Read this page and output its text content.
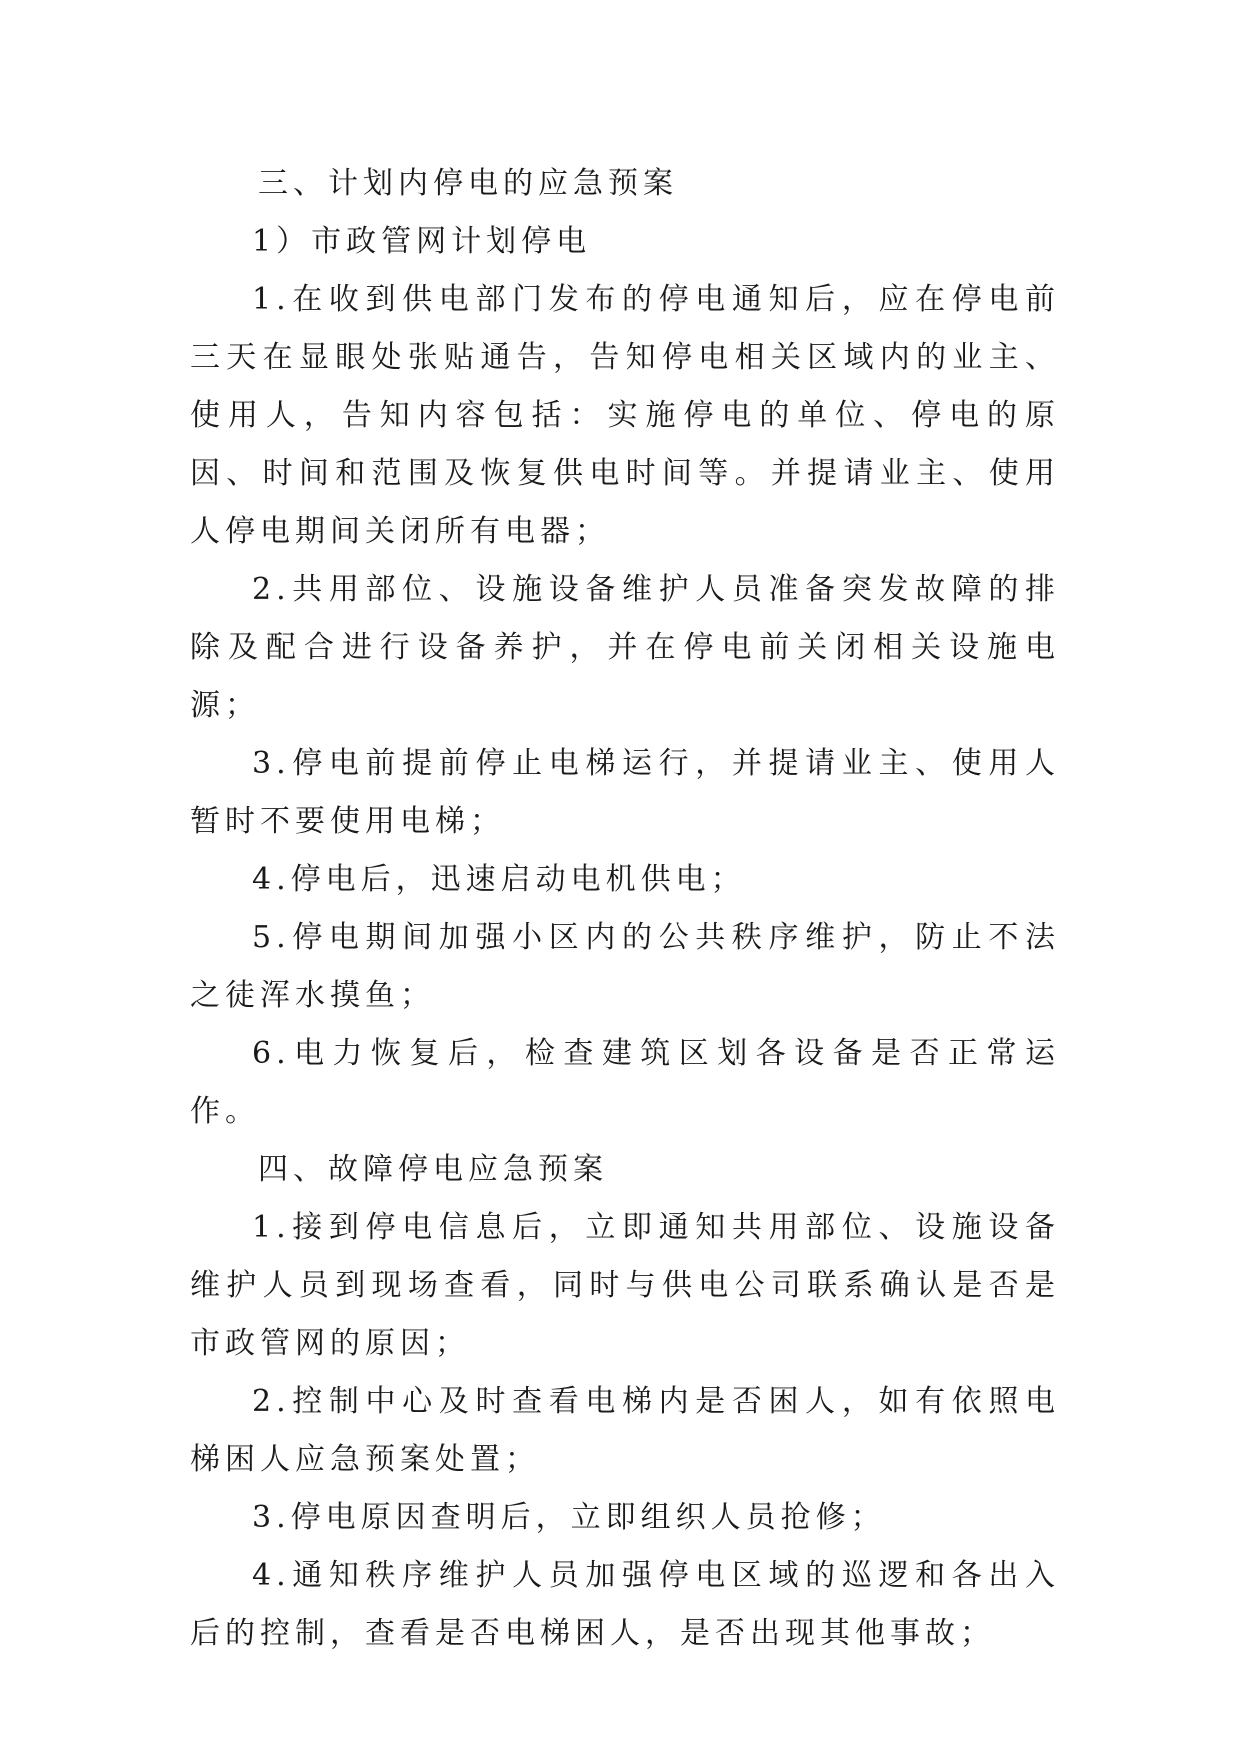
三、计划内停电的应急预案

1）市政管网计划停电

1.在收到供电部门发布的停电通知后，应在停电前三天在显眼处张贴通告，告知停电相关区域内的业主、使用人，告知内容包括：实施停电的单位、停电的原因、时间和范围及恢复供电时间等。并提请业主、使用人停电期间关闭所有电器；

2.共用部位、设施设备维护人员准备突发故障的排除及配合进行设备养护，并在停电前关闭相关设施电源；

3.停电前提前停止电梯运行，并提请业主、使用人暂时不要使用电梯；

4.停电后，迅速启动电机供电；

5.停电期间加强小区内的公共秩序维护，防止不法之徒浑水摸鱼；

6.电力恢复后，检查建筑区划各设备是否正常运作。

四、故障停电应急预案

1.接到停电信息后，立即通知共用部位、设施设备维护人员到现场查看，同时与供电公司联系确认是否是市政管网的原因；

2.控制中心及时查看电梯内是否困人，如有依照电梯困人应急预案处置；

3.停电原因查明后，立即组织人员抢修；

4.通知秩序维护人员加强停电区域的巡逻和各出入后的控制，查看是否电梯困人，是否出现其他事故；
